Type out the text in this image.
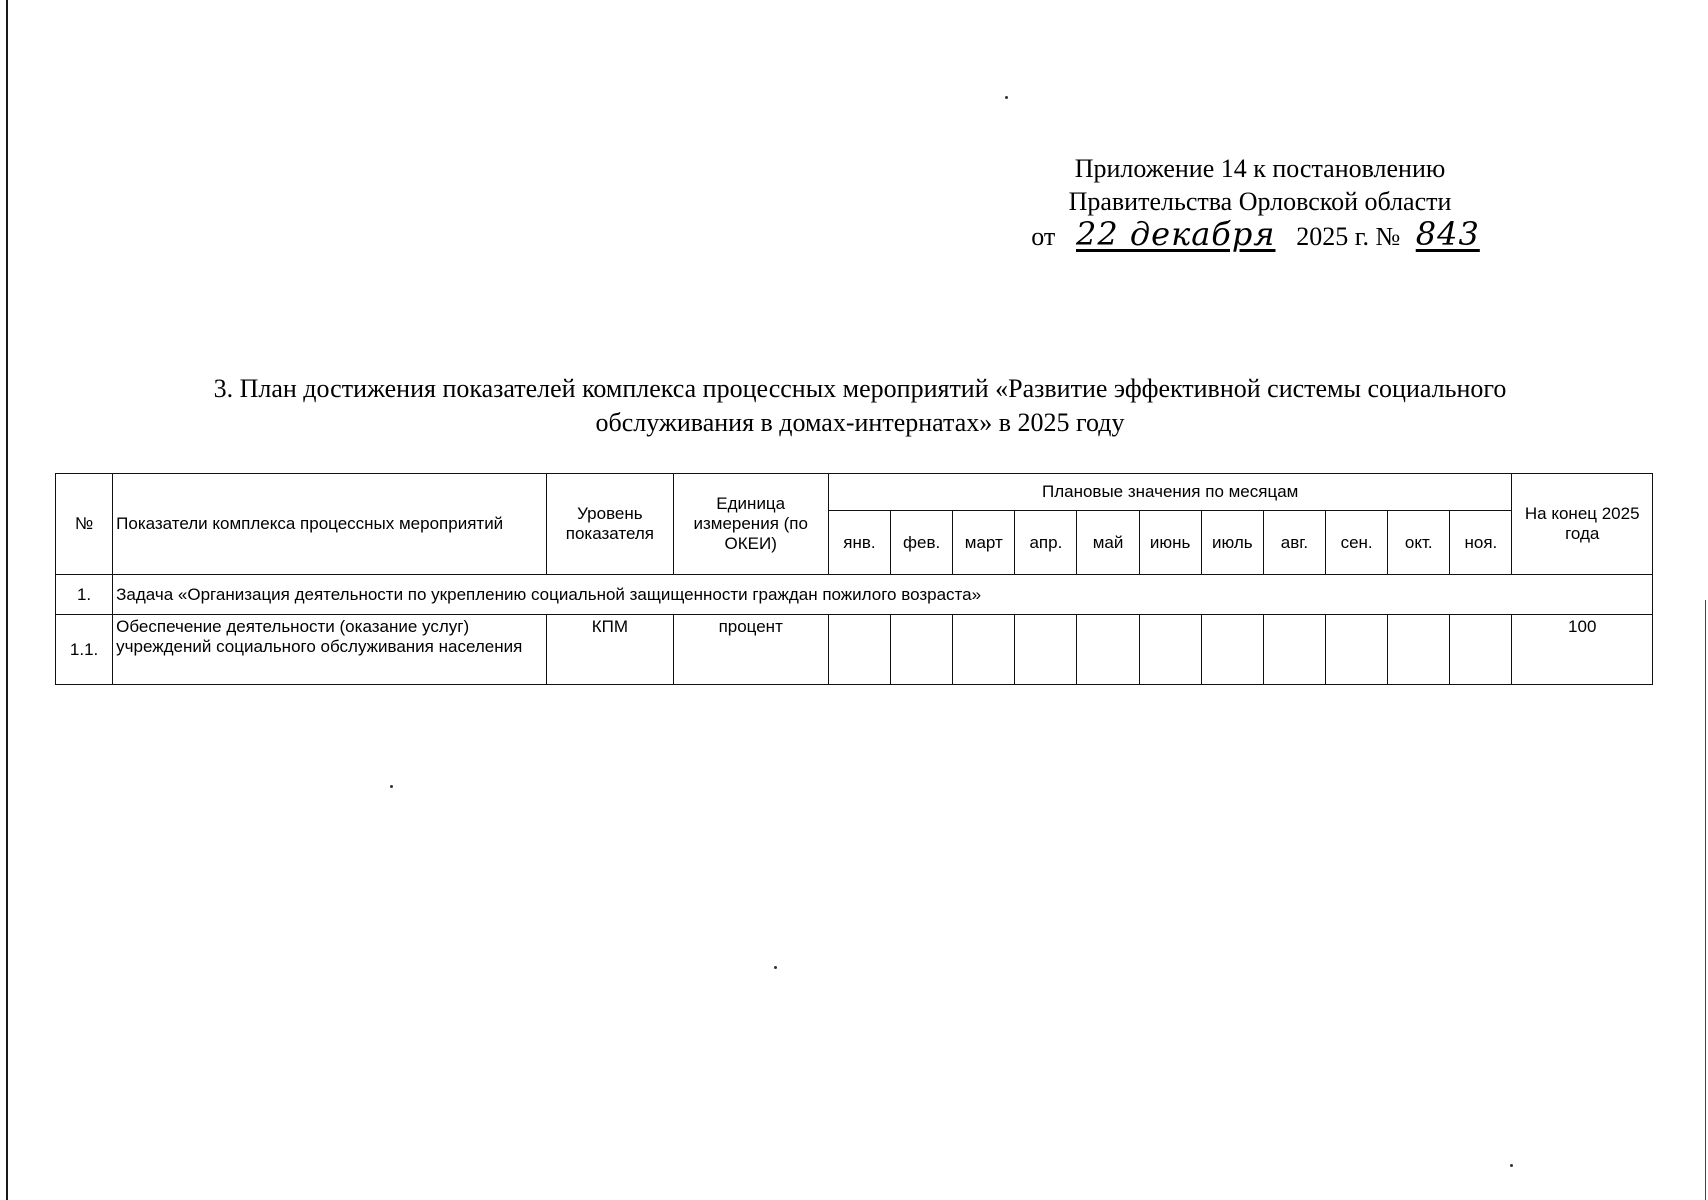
Приложение 14 к постановлению
Правительства Орловской области
от 22 декабря 2025 г. № 843
3. План достижения показателей комплекса процессных мероприятий «Развитие эффективной системы социального
обслуживания в домах-интернатах» в 2025 году
№	Показатели комплекса процессных мероприятий	Уровень показателя	Единица измерения (по ОКЕИ)	Плановые значения по месяцам											На конец 2025 года
				янв.	фев.	март	апр.	май	июнь	июль	авг.	сен.	окт.	ноя.	
1.	Задача «Организация деятельности по укреплению социальной защищенности граждан пожилого возраста»														
1.1.	Обеспечение деятельности (оказание услуг) учреждений социального обслуживания населения	КПМ	процент												100
